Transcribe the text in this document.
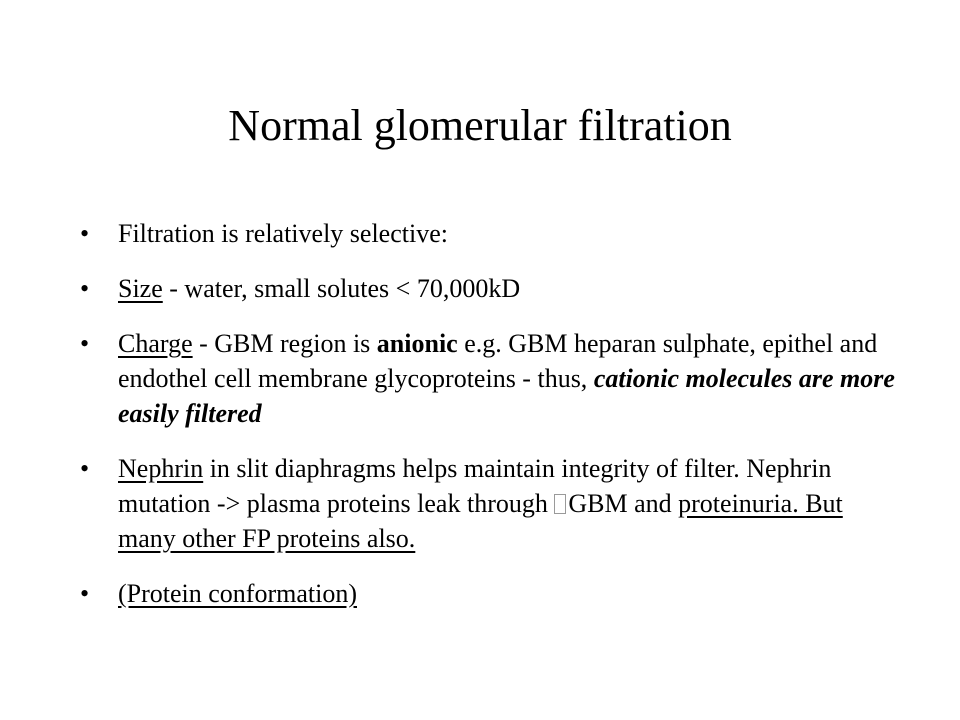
Normal glomerular filtration
• Filtration is relatively selective:
• Size - water, small solutes < 70,000kD
• Charge - GBM region is anionic e.g. GBM heparan sulphate, epithel and endothel cell membrane glycoproteins - thus, cationic molecules are more easily filtered
• Nephrin in slit diaphragms helps maintain integrity of filter. Nephrin mutation -> plasma proteins leak through GBM and proteinuria. But many other FP proteins also.
• (Protein conformation)
